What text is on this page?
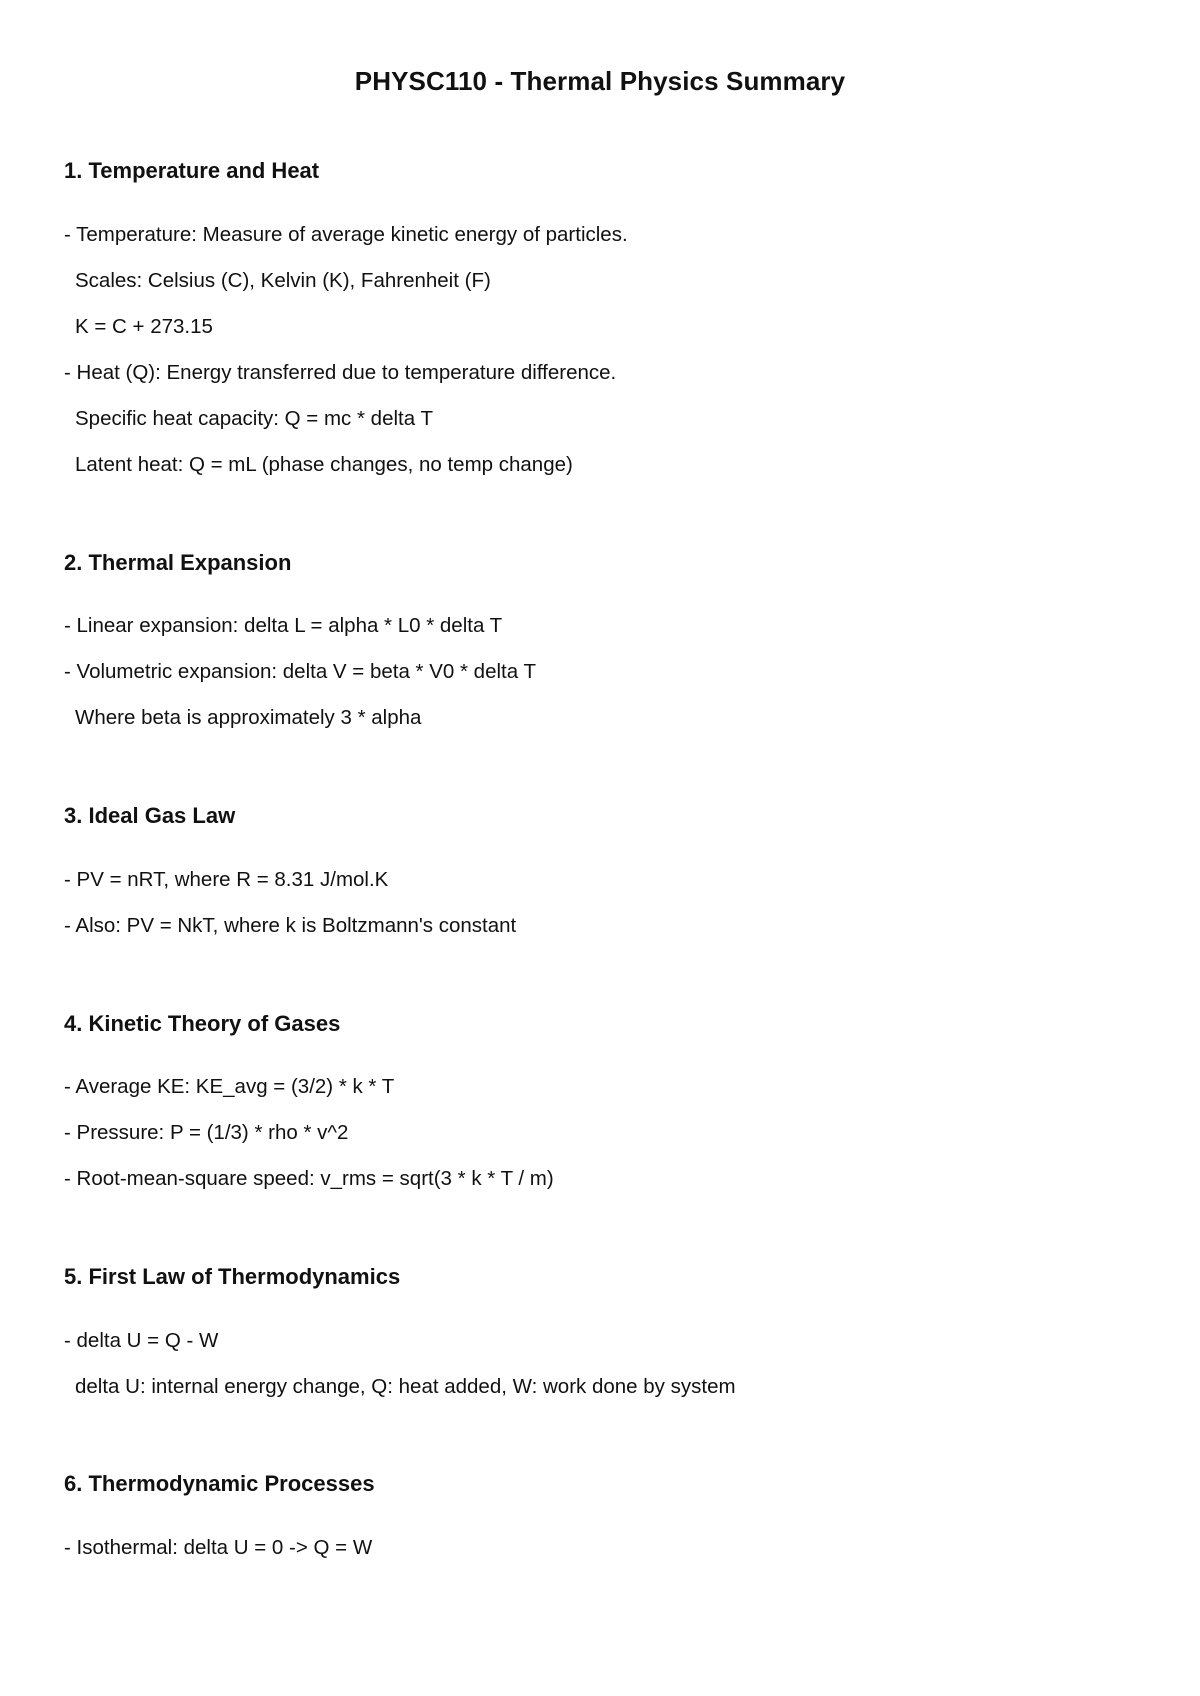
PHYSC110 - Thermal Physics Summary
1. Temperature and Heat
- Temperature: Measure of average kinetic energy of particles.
Scales: Celsius (C), Kelvin (K), Fahrenheit (F)
K = C + 273.15
- Heat (Q): Energy transferred due to temperature difference.
Specific heat capacity: Q = mc * delta T
Latent heat: Q = mL (phase changes, no temp change)
2. Thermal Expansion
- Linear expansion: delta L = alpha * L0 * delta T
- Volumetric expansion: delta V = beta * V0 * delta T
Where beta is approximately 3 * alpha
3. Ideal Gas Law
- PV = nRT, where R = 8.31 J/mol.K
- Also: PV = NkT, where k is Boltzmann's constant
4. Kinetic Theory of Gases
- Average KE: KE_avg = (3/2) * k * T
- Pressure: P = (1/3) * rho * v^2
- Root-mean-square speed: v_rms = sqrt(3 * k * T / m)
5. First Law of Thermodynamics
- delta U = Q - W
delta U: internal energy change, Q: heat added, W: work done by system
6. Thermodynamic Processes
- Isothermal: delta U = 0 -> Q = W
